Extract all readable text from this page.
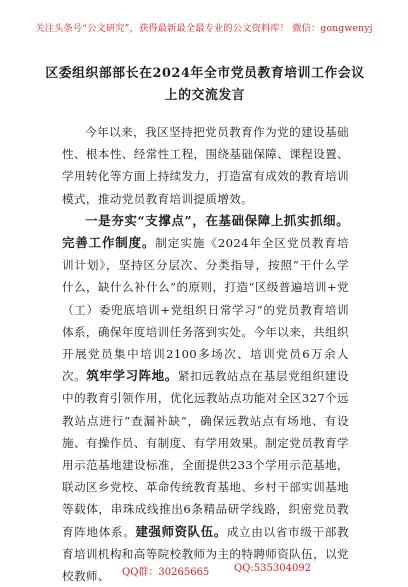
关注头条号“公文研究”，获得最新最全最专业的公文资料库！ 微信：gongwenyj
区委组织部部长在2024年全市党员教育培训工作会议上的交流发言

今年以来，我区坚持把党员教育作为党的建设基础性、根本性、经常性工程，围绕基础保障、课程设置、学用转化等方面上持续发力，打造富有成效的教育培训模式，推动党员教育培训提质增效。

一是夯实“支撑点”，在基础保障上抓实抓细。完善工作制度。制定实施《2024年全区党员教育培训计划》，坚持区分层次、分类指导，按照“干什么学什么，缺什么补什么”的原则，打造“区级普遍培训+党（工）委兜底培训+党组织日常学习”的党员教育培训体系，确保年度培训任务落到实处。今年以来，共组织开展党员集中培训2100多场次、培训党员6万余人次。筑牢学习阵地。紧扣远教站点在基层党组织建设中的教育引领作用，优化远教站点功能对全区327个远教站点进行“查漏补缺”，确保远教站点有场地、有设施、有操作员、有制度、有学用效果。制定党员教育学用示范基地建设标准，全面提供233个学用示范基地，联动区乡党校、革命传统教育基地、乡村干部实训基地等载体，串珠成线推出6条精品研学线路，织密党员教育阵地体系。建强师资队伍。成立由以省市级干部教育培训机构和高等院校教师为主的特聘师资队伍，以党校教师、	QQ群：30265665 QQ:535304092
